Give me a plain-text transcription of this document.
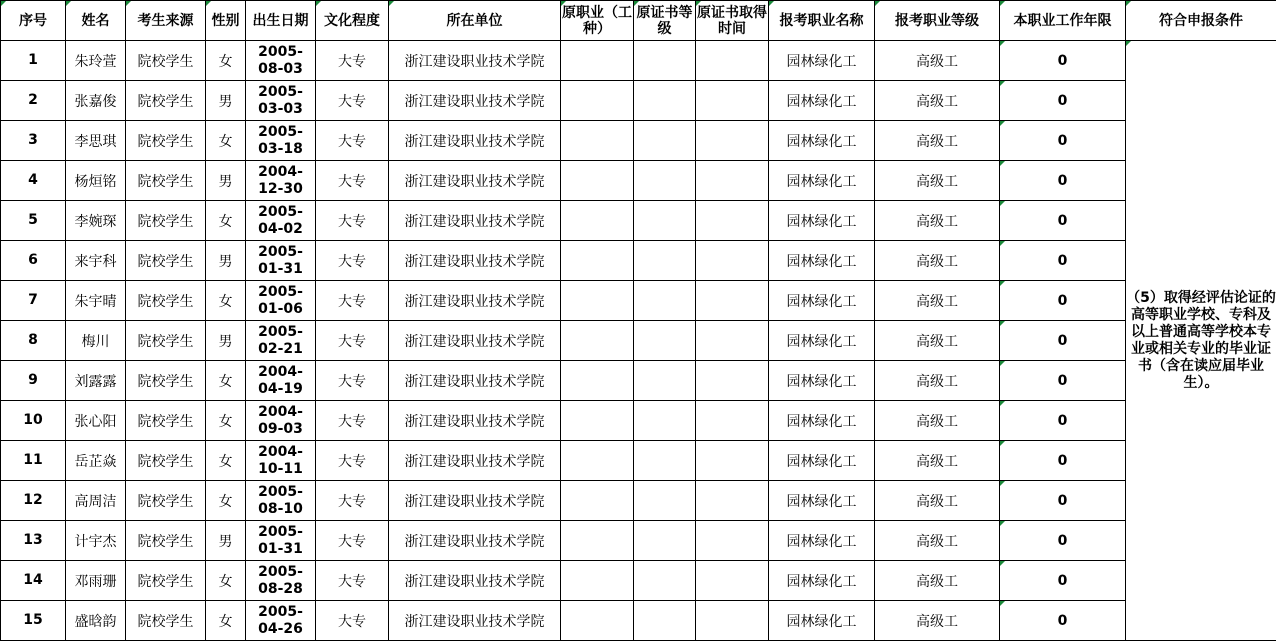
序号	姓名	考生来源	性别	出生日期	文化程度	所在单位	原职业（工种）	原证书等级	原证书取得时间	报考职业名称	报考职业等级	本职业工作年限	符合申报条件

1	朱玲萱	院校学生	女	2005-08-03	大专	浙江建设职业技术学院				园林绿化工	高级工	0	（5）取得经评估论证的高等职业学校、专科及以上普通高等学校本专业或相关专业的毕业证书（含在读应届毕业生）。

2	张嘉俊	院校学生	男	2005-03-03	大专	浙江建设职业技术学院				园林绿化工	高级工	0	

3	李思琪	院校学生	女	2005-03-18	大专	浙江建设职业技术学院				园林绿化工	高级工	0	

4	杨烜铭	院校学生	男	2004-12-30	大专	浙江建设职业技术学院				园林绿化工	高级工	0	

5	李婉琛	院校学生	女	2005-04-02	大专	浙江建设职业技术学院				园林绿化工	高级工	0	

6	来宇科	院校学生	男	2005-01-31	大专	浙江建设职业技术学院				园林绿化工	高级工	0	

7	朱宇晴	院校学生	女	2005-01-06	大专	浙江建设职业技术学院				园林绿化工	高级工	0	

8	梅川	院校学生	男	2005-02-21	大专	浙江建设职业技术学院				园林绿化工	高级工	0	

9	刘露露	院校学生	女	2004-04-19	大专	浙江建设职业技术学院				园林绿化工	高级工	0	

10	张心阳	院校学生	女	2004-09-03	大专	浙江建设职业技术学院				园林绿化工	高级工	0	

11	岳芷焱	院校学生	女	2004-10-11	大专	浙江建设职业技术学院				园林绿化工	高级工	0	

12	高周洁	院校学生	女	2005-08-10	大专	浙江建设职业技术学院				园林绿化工	高级工	0	

13	计宇杰	院校学生	男	2005-01-31	大专	浙江建设职业技术学院				园林绿化工	高级工	0	

14	邓雨珊	院校学生	女	2005-08-28	大专	浙江建设职业技术学院				园林绿化工	高级工	0	

15	盛晗韵	院校学生	女	2005-04-26	大专	浙江建设职业技术学院				园林绿化工	高级工	0	
